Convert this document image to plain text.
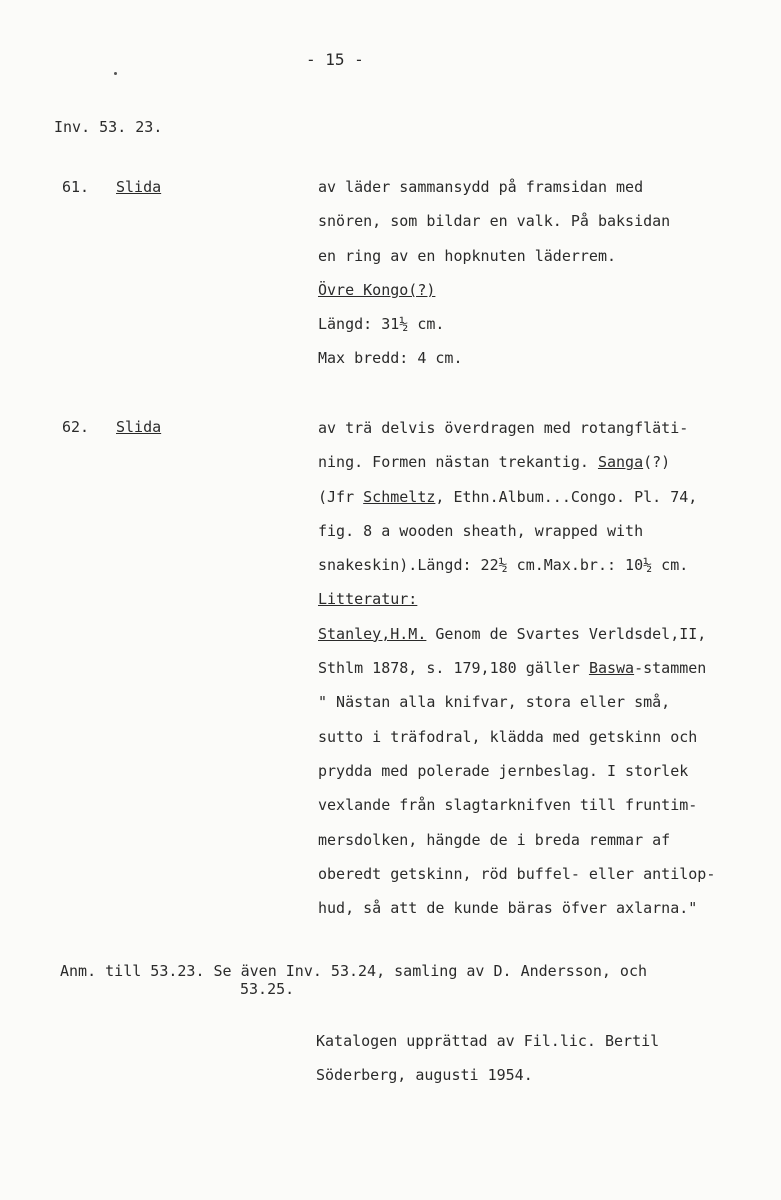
- 15 -
Inv. 53. 23.
61. Slida	av läder sammansydd på framsidan med
snören, som bildar en valk. På baksidan
en ring av en hopknuten läderrem.
Övre Kongo(?)
Längd: 31½ cm.
Max bredd: 4 cm.
62. Slida	av trä delvis överdragen med rotangfläti-
ning. Formen nästan trekantig. Sanga(?)
(Jfr Schmeltz, Ethn.Album...Congo. Pl. 74,
fig. 8 a wooden sheath, wrapped with
snakeskin).Längd: 22½ cm.Max.br.: 10½ cm.
Litteratur:
Stanley,H.M. Genom de Svartes Verldsdel,II,
Sthlm 1878, s. 179,180 gäller Baswa-stammen
" Nästan alla knifvar, stora eller små,
sutto i träfodral, klädda med getskinn och
prydda med polerade jernbeslag. I storlek
vexlande från slagtarknifven till fruntim-
mersdolken, hängde de i breda remmar af
oberedt getskinn, röd buffel- eller antilop-
hud, så att de kunde bäras öfver axlarna."
Anm. till 53.23. Se även Inv. 53.24, samling av D. Andersson, och
53.25.
Katalogen upprättad av Fil.lic. Bertil
Söderberg, augusti 1954.
